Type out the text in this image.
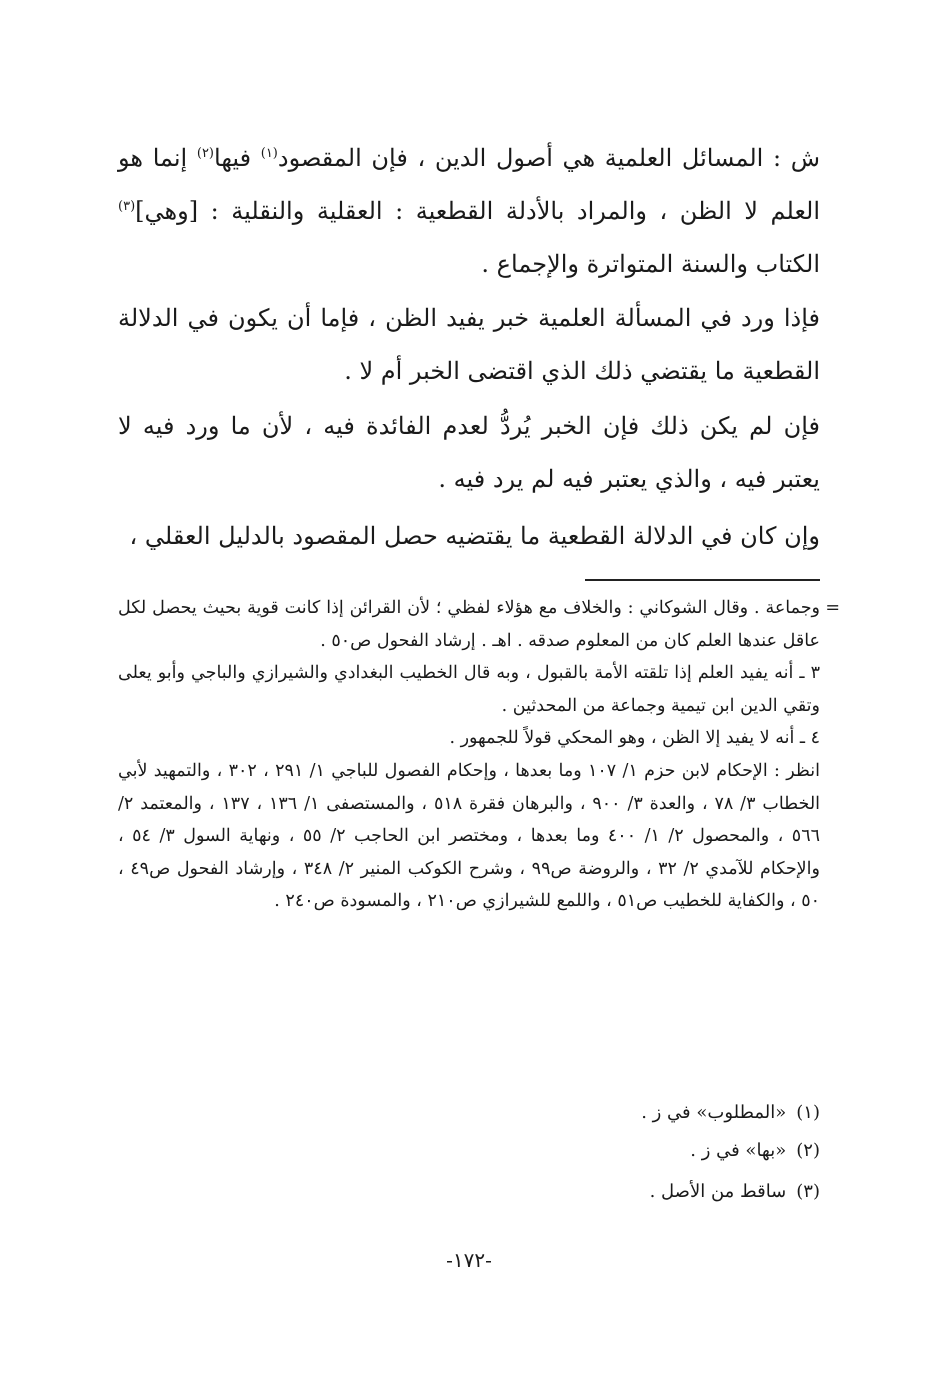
ش : المسائل العلمية هي أصول الدين ، فإن المقصود$^{(١)}$ فيها$^{(٢)}$ إنما هو العلم لا الظن ، والمراد بالأدلة القطعية : العقلية والنقلية : [وهي]$^{(٣)}$ الكتاب والسنة المتواترة والإجماع .

فإذا ورد في المسألة العلمية خبر يفيد الظن ، فإما أن يكون في الدلالة القطعية ما يقتضي ذلك الذي اقتضى الخبر أم لا .

فإن لم يكن ذلك فإن الخبر يُردُّ لعدم الفائدة فيه ، لأن ما ورد فيه لا يعتبر فيه ، والذي يعتبر فيه لم يرد فيه .

وإن كان في الدلالة القطعية ما يقتضيه حصل المقصود بالدليل العقلي ،

=
وجماعة . وقال الشوكاني : والخلاف مع هؤلاء لفظي ؛ لأن القرائن إذا كانت قوية بحيث يحصل لكل عاقل عندها العلم كان من المعلوم صدقه . اهـ . إرشاد الفحول ص٥٠ .

٣ ـ أنه يفيد العلم إذا تلقته الأمة بالقبول ، وبه قال الخطيب البغدادي والشيرازي والباجي وأبو يعلى وتقي الدين ابن تيمية وجماعة من المحدثين .

٤ ـ أنه لا يفيد إلا الظن ، وهو المحكي قولاً للجمهور .

انظر : الإحكام لابن حزم ١/ ١٠٧ وما بعدها ، وإحكام الفصول للباجي ١/ ٢٩١ ، ٣٠٢ ، والتمهيد لأبي الخطاب ٣/ ٧٨ ، والعدة ٣/ ٩٠٠ ، والبرهان فقرة ٥١٨ ، والمستصفى ١/ ١٣٦ ، ١٣٧ ، والمعتمد ٢/ ٥٦٦ ، والمحصول ٢/ ١/ ٤٠٠ وما بعدها ، ومختصر ابن الحاجب ٢/ ٥٥ ، ونهاية السول ٣/ ٥٤ ، والإحكام للآمدي ٢/ ٣٢ ، والروضة ص٩٩ ، وشرح الكوكب المنير ٢/ ٣٤٨ ، وإرشاد الفحول ص٤٩ ، ٥٠ ، والكفاية للخطيب ص٥١ ، واللمع للشيرازي ص٢١٠ ، والمسودة ص٢٤٠ .

(١)«المطلوب» في ز .
(٢)«بها» في ز .
(٣)ساقط من الأصل .
-١٧٢-
